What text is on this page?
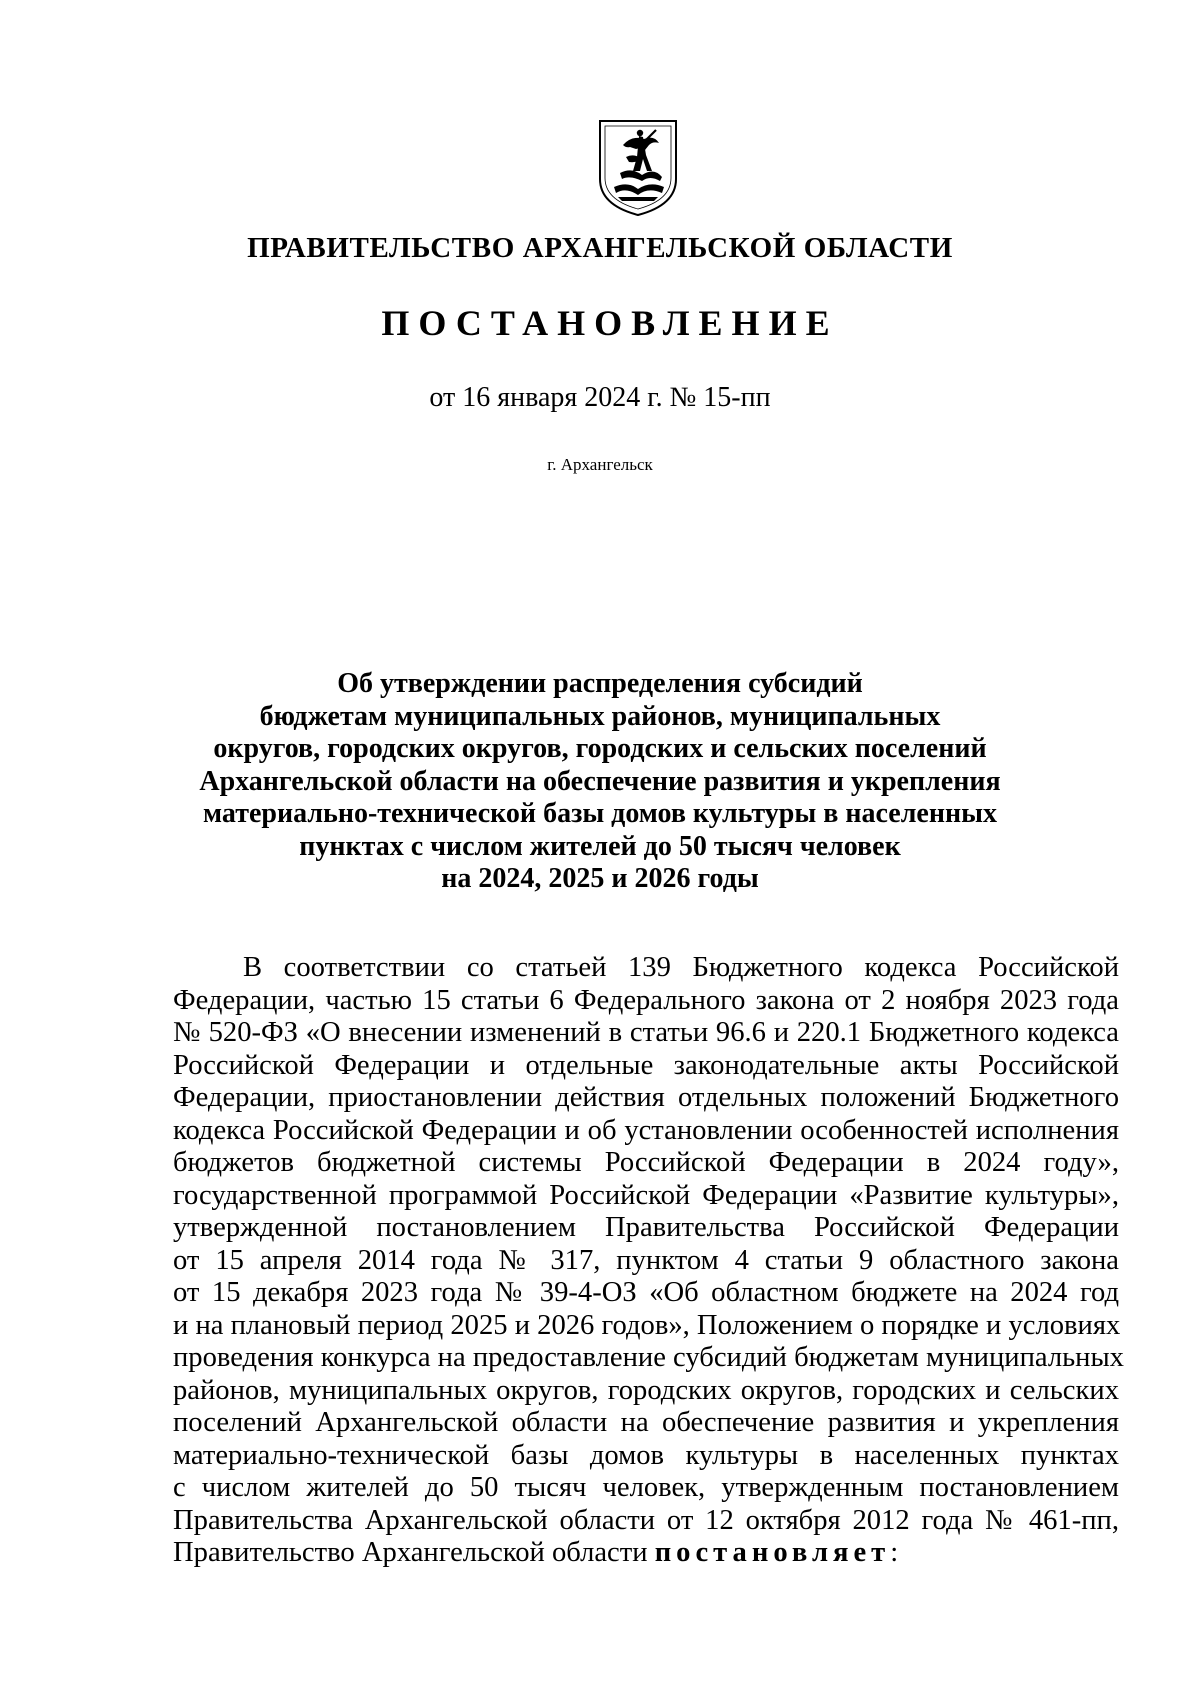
ПРАВИТЕЛЬСТВО АРХАНГЕЛЬСКОЙ ОБЛАСТИ
ПОСТАНОВЛЕНИЕ
от 16 января 2024 г. № 15-пп
г. Архангельск
Об утверждении распределения субсидий
бюджетам муниципальных районов, муниципальных
округов, городских округов, городских и сельских поселений
Архангельской области на обеспечение развития и укрепления
материально-технической базы домов культуры в населенных
пунктах с числом жителей до 50 тысяч человек
на 2024, 2025 и 2026 годы
В соответствии со статьей 139 Бюджетного кодекса Российской
Федерации, частью 15 статьи 6 Федерального закона от 2 ноября 2023 года
№ 520-ФЗ «О внесении изменений в статьи 96.6 и 220.1 Бюджетного кодекса
Российской Федерации и отдельные законодательные акты Российской
Федерации, приостановлении действия отдельных положений Бюджетного
кодекса Российской Федерации и об установлении особенностей исполнения
бюджетов бюджетной системы Российской Федерации в 2024 году»,
государственной программой Российской Федерации «Развитие культуры»,
утвержденной постановлением Правительства Российской Федерации
от 15 апреля 2014 года № 317, пунктом 4 статьи 9 областного закона
от 15 декабря 2023 года № 39-4-ОЗ «Об областном бюджете на 2024 год
и на плановый период 2025 и 2026 годов», Положением о порядке и условиях
проведения конкурса на предоставление субсидий бюджетам муниципальных
районов, муниципальных округов, городских округов, городских и сельских
поселений Архангельской области на обеспечение развития и укрепления
материально-технической базы домов культуры в населенных пунктах
с числом жителей до 50 тысяч человек, утвержденным постановлением
Правительства Архангельской области от 12 октября 2012 года № 461-пп,
Правительство Архангельской области постановляет:
